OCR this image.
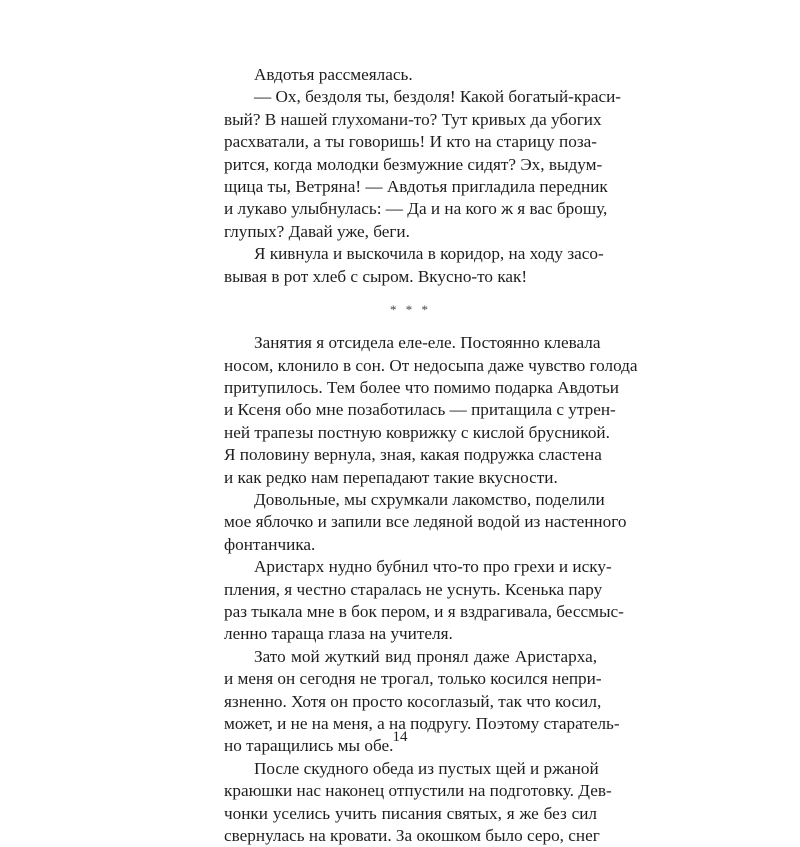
Авдотья рассмеялась.
— Ох, бездоля ты, бездоля! Какой богатый-краси-
вый? В нашей глухомани-то? Тут кривых да убогих
расхватали, а ты говоришь! И кто на старицу поза-
рится, когда молодки безмужние сидят? Эх, выдум-
щица ты, Ветряна! — Авдотья пригладила передник
и лукаво улыбнулась: — Да и на кого ж я вас брошу,
глупых? Давай уже, беги.
Я кивнула и выскочила в коридор, на ходу засо-
вывая в рот хлеб с сыром. Вкусно-то как!
* * *
Занятия я отсидела еле-еле. Постоянно клевала
носом, клонило в сон. От недосыпа даже чувство голода
притупилось. Тем более что помимо подарка Авдотьи
и Ксеня обо мне позаботилась — притащила с утрен-
ней трапезы постную коврижку с кислой брусникой.
Я половину вернула, зная, какая подружка сластена
и как редко нам перепадают такие вкусности.
Довольные, мы схрумкали лакомство, поделили
мое яблочко и запили все ледяной водой из настенного
фонтанчика.
Аристарх нудно бубнил что-то про грехи и иску-
пления, я честно старалась не уснуть. Ксенька пару
раз тыкала мне в бок пером, и я вздрагивала, бессмыс-
ленно таращa глаза на учителя.
Зато мой жуткий вид пронял даже Аристарха,
и меня он сегодня не трогал, только косился непри-
язненно. Хотя он просто косоглазый, так что косил,
может, и не на меня, а на подругу. Поэтому старатель-
но таращились мы обе.
После скудного обеда из пустых щей и ржаной
краюшки нас наконец отпустили на подготовку. Дев-
чонки уселись учить писания святых, я же без сил
свернулась на кровати. За окошком было серо, снег
14
